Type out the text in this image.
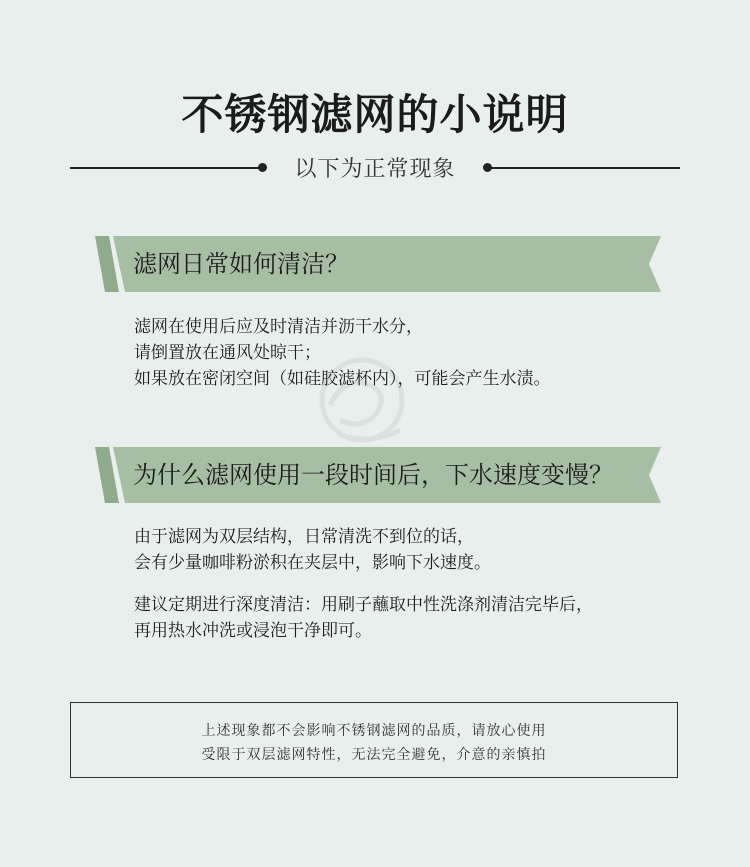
不锈钢滤网的小说明
以下为正常现象
滤网日常如何清洁？
滤网在使用后应及时清洁并沥干水分，
请倒置放在通风处晾干；
如果放在密闭空间（如硅胶滤杯内），可能会产生水渍。
为什么滤网使用一段时间后，下水速度变慢？
由于滤网为双层结构，日常清洗不到位的话，
会有少量咖啡粉淤积在夹层中，影响下水速度。
建议定期进行深度清洁：用刷子蘸取中性洗涤剂清洁完毕后，
再用热水冲洗或浸泡干净即可。
上述现象都不会影响不锈钢滤网的品质，请放心使用
受限于双层滤网特性，无法完全避免，介意的亲慎拍
